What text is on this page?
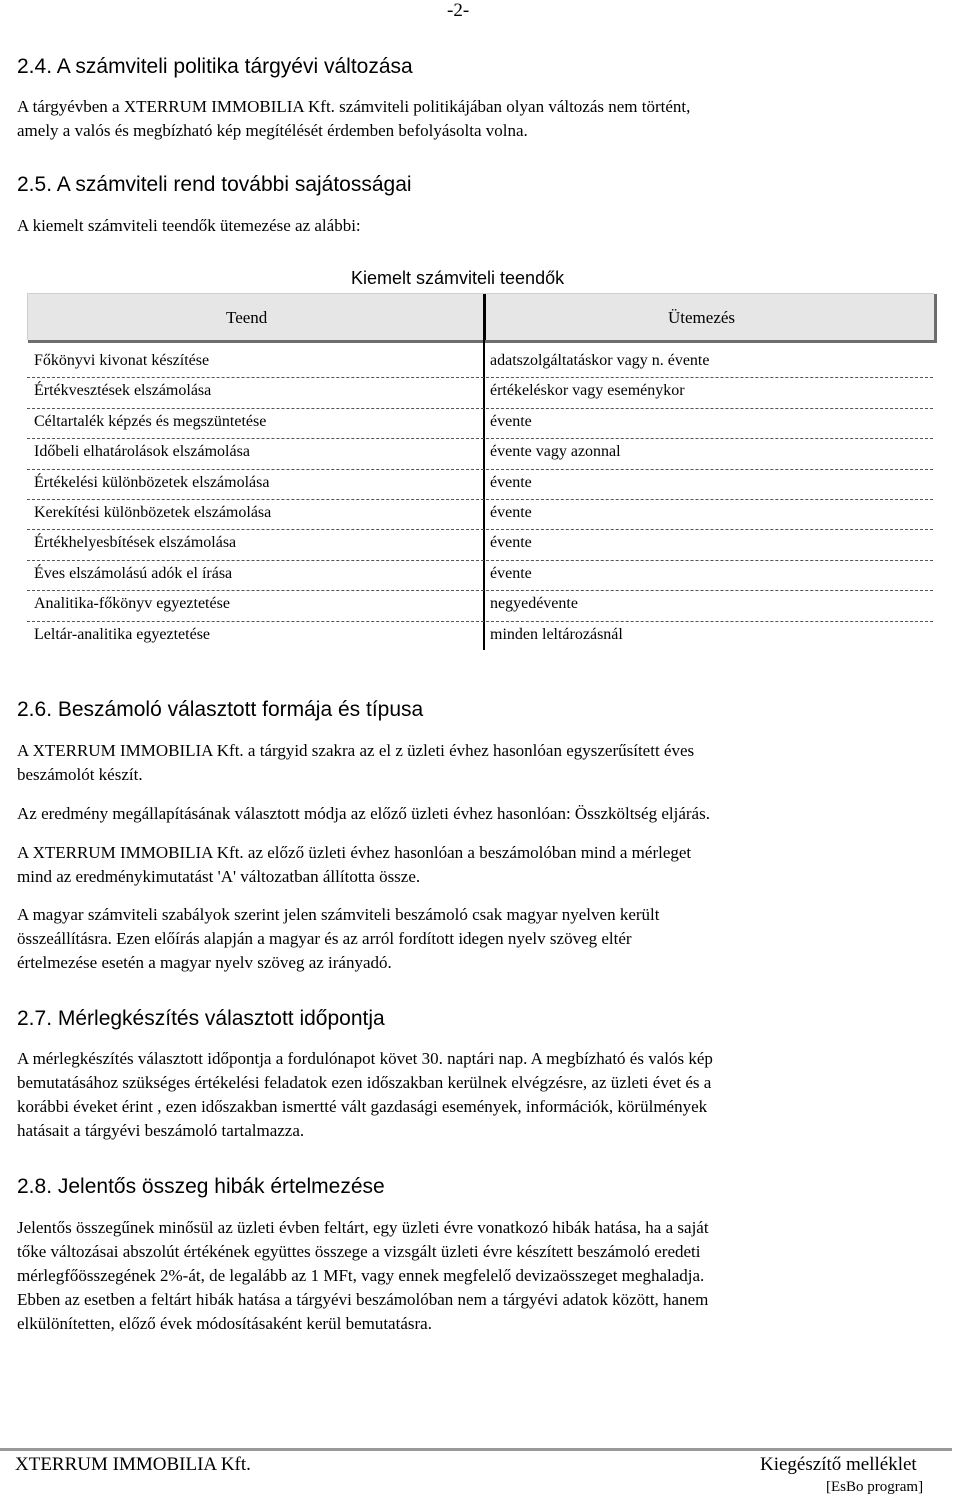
-2-
2.4. A számviteli politika tárgyévi változása

A tárgyévben a XTERRUM IMMOBILIA Kft. számviteli politikájában olyan változás nem történt,
amely a valós és megbízható kép megítélését érdemben befolyásolta volna.

2.5. A számviteli rend további sajátosságai

A kiemelt számviteli teendők ütemezése az alábbi:

Kiemelt számviteli teendők
Teend	Ütemezés
Főkönyvi kivonat készítése	adatszolgáltatáskor vagy n. évente
Értékvesztések elszámolása	értékeléskor vagy eseménykor
Céltartalék képzés és megszüntetése	évente
Időbeli elhatárolások elszámolása	évente vagy azonnal
Értékelési különbözetek elszámolása	évente
Kerekítési különbözetek elszámolása	évente
Értékhelyesbítések elszámolása	évente
Éves elszámolású adók el írása	évente
Analitika-főkönyv egyeztetése	negyedévente
Leltár-analitika egyeztetése	minden leltározásnál
2.6. Beszámoló választott formája és típusa

A XTERRUM IMMOBILIA Kft. a tárgyid szakra az el z üzleti évhez hasonlóan egyszerűsített éves
beszámolót készít.

Az eredmény megállapításának választott módja az előző üzleti évhez hasonlóan: Összköltség eljárás.

A XTERRUM IMMOBILIA Kft. az előző üzleti évhez hasonlóan a beszámolóban mind a mérleget
mind az eredménykimutatást 'A' változatban állította össze.

A magyar számviteli szabályok szerint jelen számviteli beszámoló csak magyar nyelven került
összeállításra. Ezen előírás alapján a magyar és az arról fordított idegen nyelv szöveg eltér
értelmezése esetén a magyar nyelv szöveg az irányadó.

2.7. Mérlegkészítés választott időpontja

A mérlegkészítés választott időpontja a fordulónapot követ 30. naptári nap. A megbízható és valós kép
bemutatásához szükséges értékelési feladatok ezen időszakban kerülnek elvégzésre, az üzleti évet és a
korábbi éveket érint , ezen időszakban ismertté vált gazdasági események, információk, körülmények
hatásait a tárgyévi beszámoló tartalmazza.

2.8. Jelentős összeg hibák értelmezése

Jelentős összegűnek minősül az üzleti évben feltárt, egy üzleti évre vonatkozó hibák hatása, ha a saját
tőke változásai abszolút értékének együttes összege a vizsgált üzleti évre készített beszámoló eredeti
mérlegfőösszegének 2%-át, de legalább az 1 MFt, vagy ennek megfelelő devizaösszeget meghaladja.
Ebben az esetben a feltárt hibák hatása a tárgyévi beszámolóban nem a tárgyévi adatok között, hanem
elkülönítetten, előző évek módosításaként kerül bemutatásra.

XTERRUM IMMOBILIA Kft.	Kiegészítő melléklet
[EsBo program]
